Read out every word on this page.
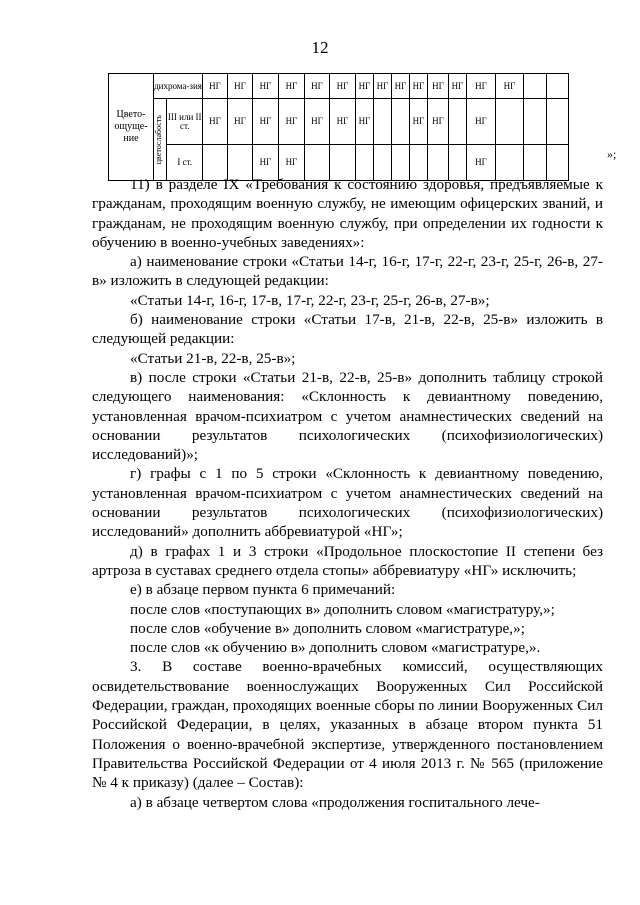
12
Цвето-ощуще-ние	дихрома-зия		НГ	НГ	НГ	НГ	НГ	НГ	НГ	НГ	НГ	НГ	НГ	НГ	НГ	НГ		

	цветослабость	III или II ст.	НГ	НГ	НГ	НГ	НГ	НГ	НГ			НГ	НГ		НГ			
		I ст.			НГ	НГ									НГ			
»;

11) в разделе IX «Требования к состоянию здоровья, предъявляемые к гражданам, проходящим военную службу, не имеющим офицерских званий, и гражданам, не проходящим военную службу, при определении их годности к обучению в военно-учебных заведениях»:

а) наименование строки «Статьи 14-г, 16-г, 17-г, 22-г, 23-г, 25-г, 26-в, 27-в» изложить в следующей редакции:

«Статьи 14-г, 16-г, 17-в, 17-г, 22-г, 23-г, 25-г, 26-в, 27-в»;

б) наименование строки «Статьи 17-в, 21-в, 22-в, 25-в» изложить в следующей редакции:

«Статьи 21-в, 22-в, 25-в»;

в) после строки «Статьи 21-в, 22-в, 25-в» дополнить таблицу строкой следующего наименования: «Склонность к девиантному поведению, установленная врачом-психиатром с учетом анамнестических сведений на основании результатов психологических (психофизиологических) исследований)»;

г) графы с 1 по 5 строки «Склонность к девиантному поведению, установленная врачом-психиатром с учетом анамнестических сведений на основании результатов психологических (психофизиологических) исследований» дополнить аббревиатурой «НГ»;

д) в графах 1 и 3 строки «Продольное плоскостопие II степени без артроза в суставах среднего отдела стопы» аббревиатуру «НГ» исключить;

е) в абзаце первом пункта 6 примечаний:

после слов «поступающих в» дополнить словом «магистратуру,»;

после слов «обучение в» дополнить словом «магистратуре,»;

после слов «к обучению в» дополнить словом «магистратуре,».

3. В составе военно-врачебных комиссий, осуществляющих освидетельствование военнослужащих Вооруженных Сил Российской Федерации, граждан, проходящих военные сборы по линии Вооруженных Сил Российской Федерации, в целях, указанных в абзаце втором пункта 51 Положения о военно-врачебной экспертизе, утвержденного постановлением Правительства Российской Федерации от 4 июля 2013 г. № 565 (приложение № 4 к приказу) (далее – Состав):

а) в абзаце четвертом слова «продолжения госпитального лече-
